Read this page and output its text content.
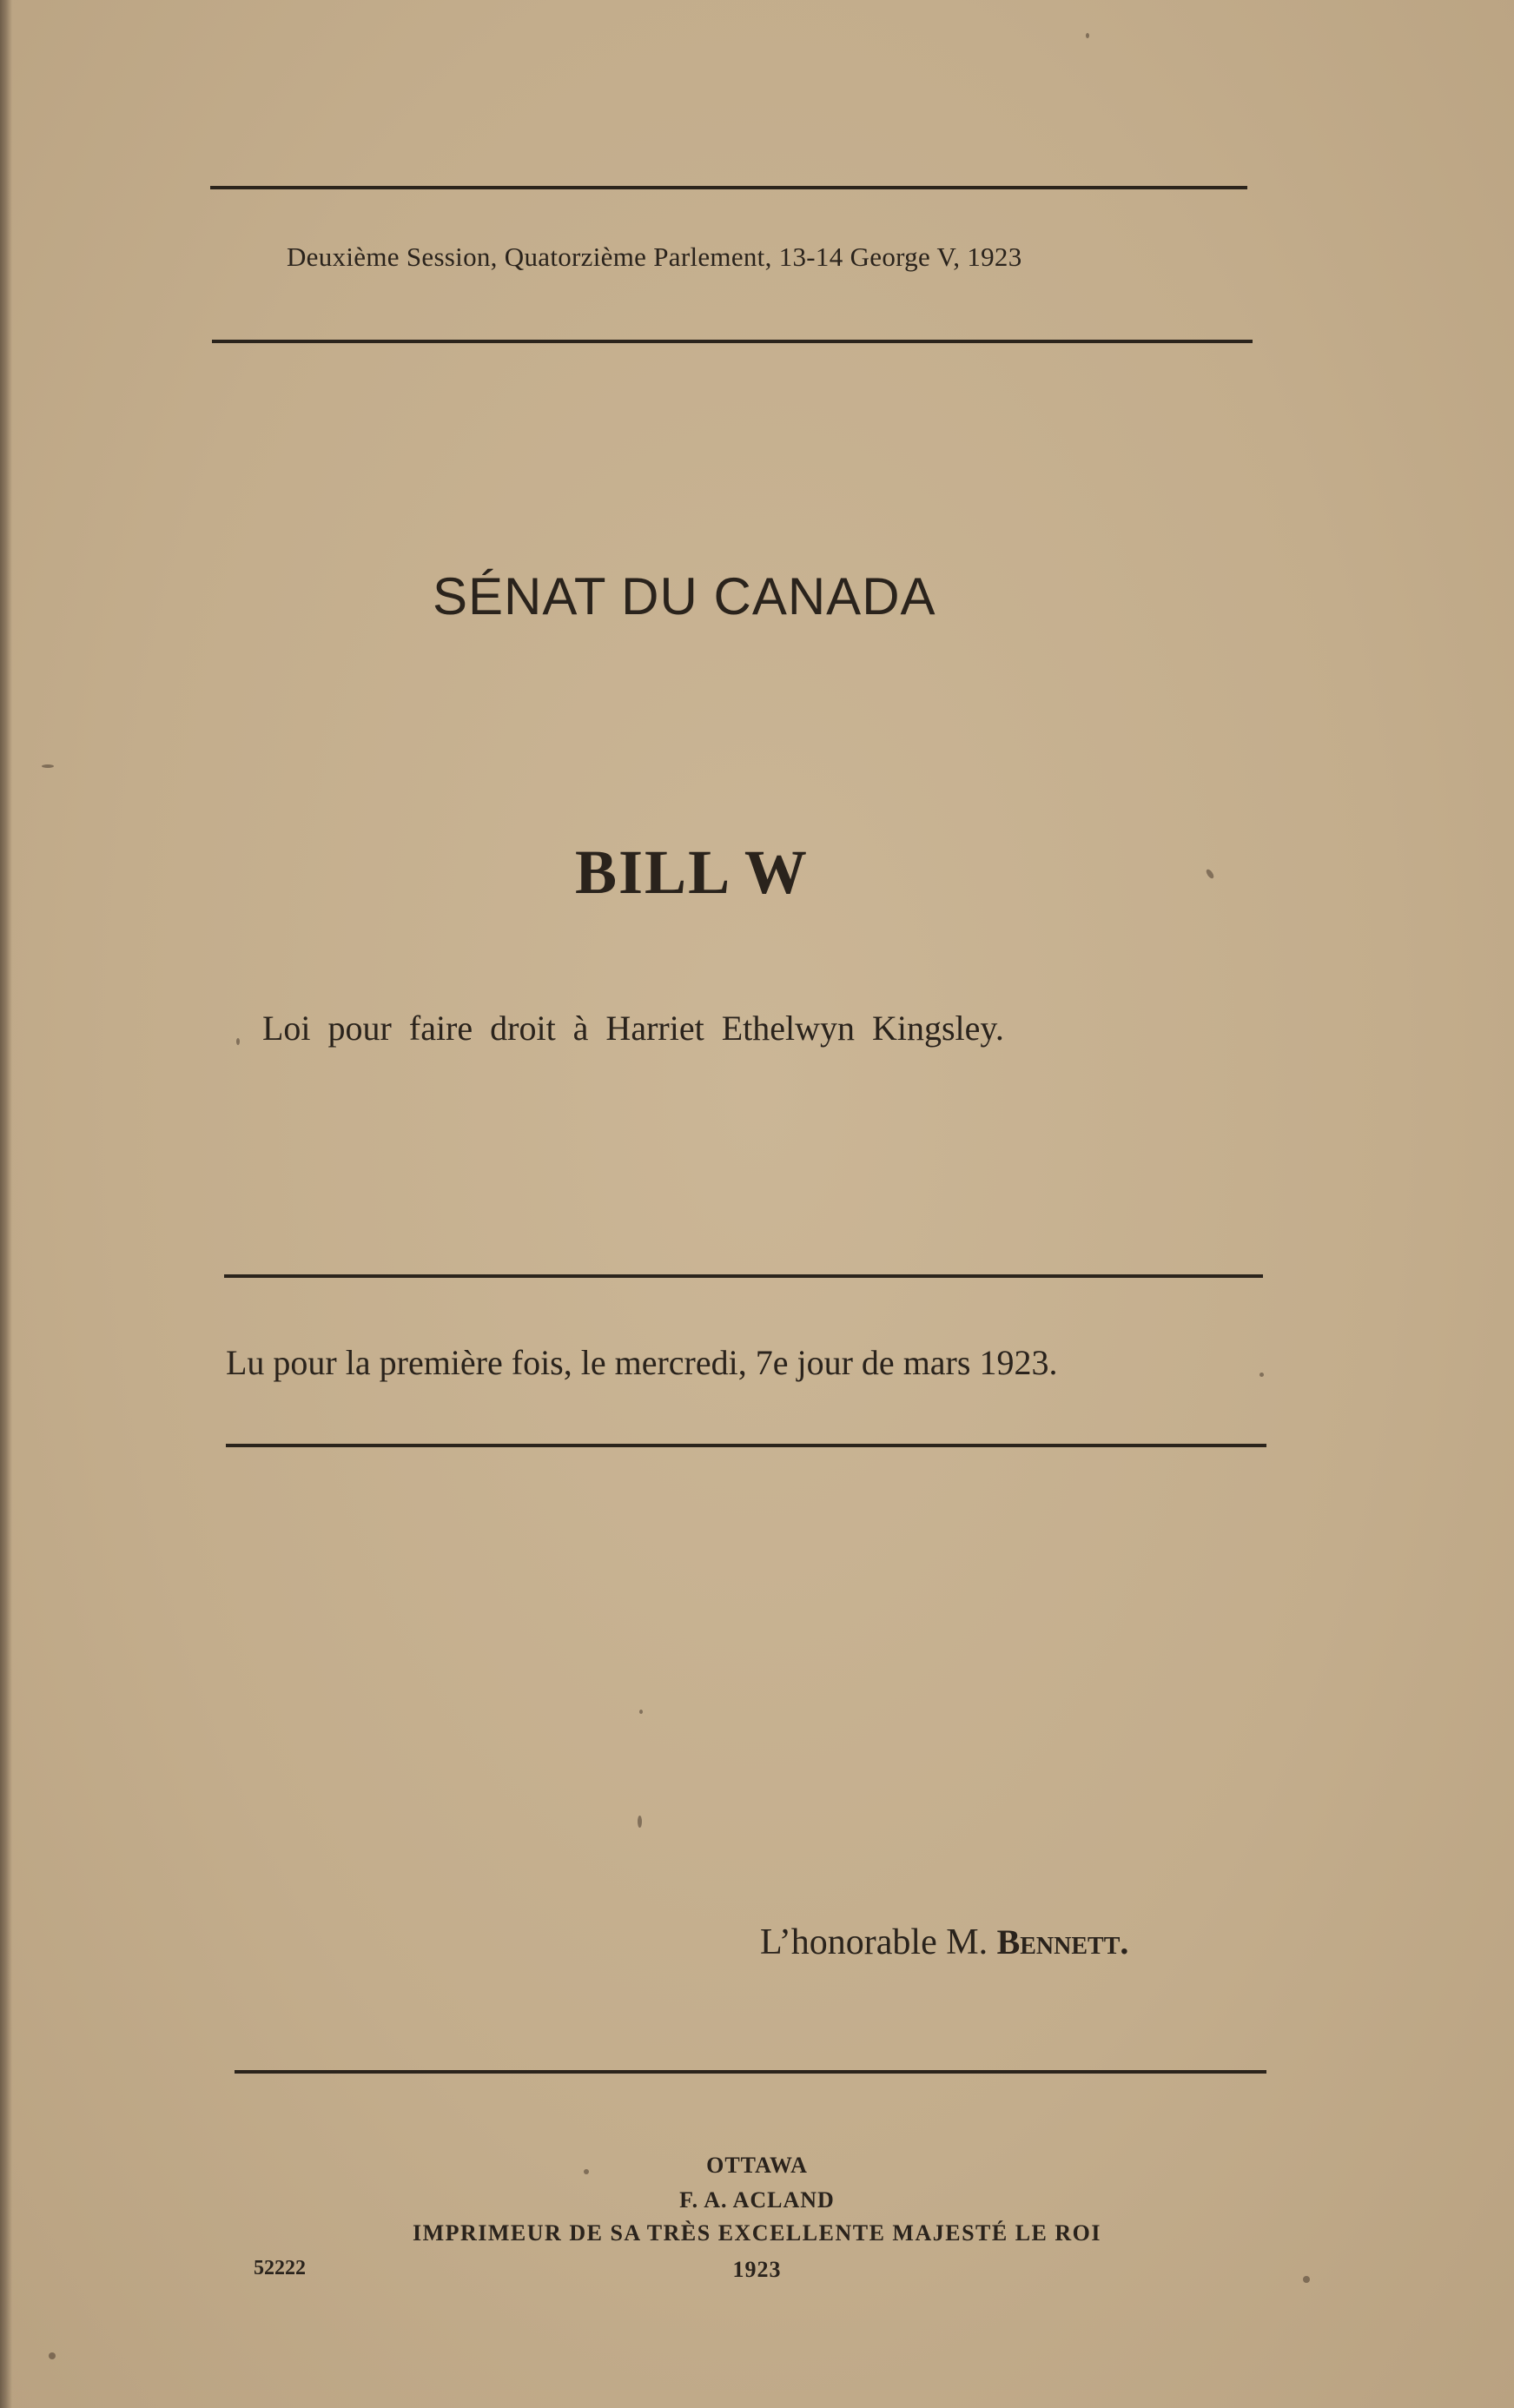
Deuxième Session, Quatorzième Parlement, 13-14 George V, 1923
SÉNAT DU CANADA
BILL W
Loi pour faire droit à Harriet Ethelwyn Kingsley.
Lu pour la première fois, le mercredi, 7e jour de mars 1923.
L’honorable M. Bennett.
OTTAWA
F. A. ACLAND
IMPRIMEUR DE SA TRÈS EXCELLENTE MAJESTÉ LE ROI
1923
52222
